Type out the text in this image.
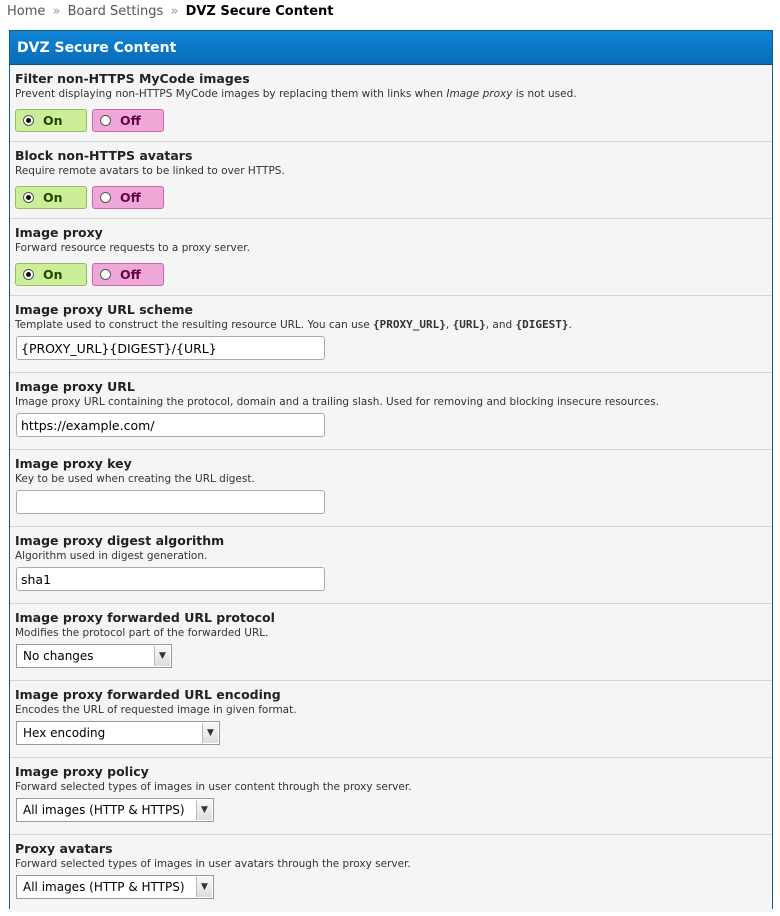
Home » Board Settings » DVZ Secure Content
DVZ Secure Content
Filter non-HTTPS MyCode images
Prevent displaying non-HTTPS MyCode images by replacing them with links when Image proxy is not used.
On	Off
Block non-HTTPS avatars
Require remote avatars to be linked to over HTTPS.
On	Off
Image proxy
Forward resource requests to a proxy server.
On	Off
Image proxy URL scheme
Template used to construct the resulting resource URL. You can use {PROXY_URL}, {URL}, and {DIGEST}.
{PROXY_URL}{DIGEST}/{URL}
Image proxy URL
Image proxy URL containing the protocol, domain and a trailing slash. Used for removing and blocking insecure resources.
https://example.com/
Image proxy key
Key to be used when creating the URL digest.
Image proxy digest algorithm
Algorithm used in digest generation.
sha1
Image proxy forwarded URL protocol
Modifies the protocol part of the forwarded URL.
No changes	▼
Image proxy forwarded URL encoding
Encodes the URL of requested image in given format.
Hex encoding	▼
Image proxy policy
Forward selected types of images in user content through the proxy server.
All images (HTTP & HTTPS)	▼
Proxy avatars
Forward selected types of images in user avatars through the proxy server.
All images (HTTP & HTTPS)	▼
